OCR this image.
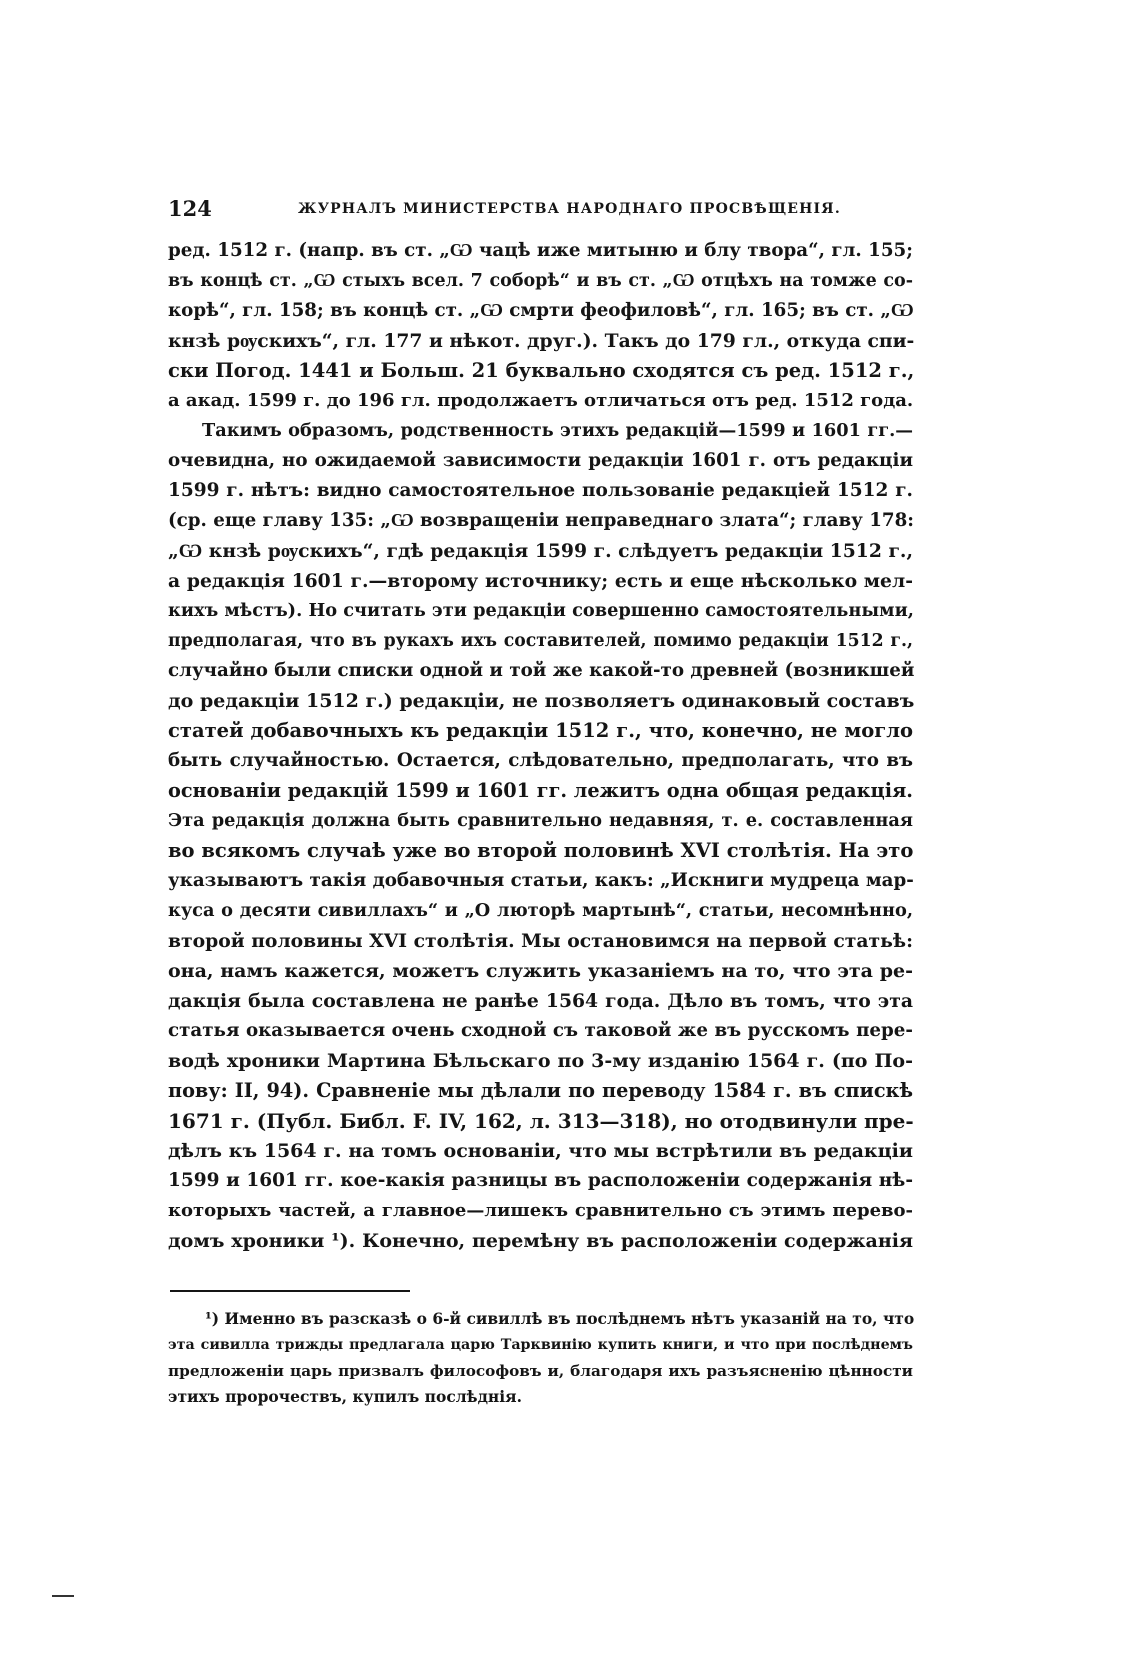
124	ЖУРНАЛЪ МИНИСТЕРСТВА НАРОДНАГО ПРОСВѢЩЕНІЯ.
ред. 1512 г. (напр. въ ст. „Ѡ чацѣ иже митыню и блу твора“, гл. 155;
въ концѣ ст. „Ѡ стыхъ всел. 7 соборѣ“ и въ ст. „Ѡ отцѣхъ на томже со-
корѣ“, гл. 158; въ концѣ ст. „Ѡ смрти феофиловѣ“, гл. 165; въ ст. „Ѡ
кнзѣ рѹскихъ“, гл. 177 и нѣкот. друг.). Такъ до 179 гл., откуда спи-
ски Погод. 1441 и Больш. 21 буквально сходятся съ ред. 1512 г.,
а акад. 1599 г. до 196 гл. продолжаетъ отличаться отъ ред. 1512 года.
Такимъ образомъ, родственность этихъ редакцій—1599 и 1601 гг.—
очевидна, но ожидаемой зависимости редакціи 1601 г. отъ редакціи
1599 г. нѣтъ: видно самостоятельное пользованіе редакціей 1512 г.
(ср. еще главу 135: „Ѡ возвращеніи неправеднаго злата“; главу 178:
„Ѡ кнзѣ рѹскихъ“, гдѣ редакція 1599 г. слѣдуетъ редакціи 1512 г.,
а редакція 1601 г.—второму источнику; есть и еще нѣсколько мел-
кихъ мѣстъ). Но считать эти редакціи совершенно самостоятельными,
предполагая, что въ рукахъ ихъ составителей, помимо редакціи 1512 г.,
случайно были списки одной и той же какой-то древней (возникшей
до редакціи 1512 г.) редакціи, не позволяетъ одинаковый составъ
статей добавочныхъ къ редакціи 1512 г., что, конечно, не могло
быть случайностью. Остается, слѣдовательно, предполагать, что въ
основаніи редакцій 1599 и 1601 гг. лежитъ одна общая редакція.
Эта редакція должна быть сравнительно недавняя, т. е. составленная
во всякомъ случаѣ уже во второй половинѣ XVI столѣтія. На это
указываютъ такія добавочныя статьи, какъ: „Искниги мудреца мар-
куса о десяти сивиллахъ“ и „О люторѣ мартынѣ“, статьи, несомнѣнно,
второй половины XVI столѣтія. Мы остановимся на первой статьѣ:
она, намъ кажется, можетъ служить указаніемъ на то, что эта ре-
дакція была составлена не ранѣе 1564 года. Дѣло въ томъ, что эта
статья оказывается очень сходной съ таковой же въ русскомъ пере-
водѣ хроники Мартина Бѣльскаго по 3-му изданію 1564 г. (по По-
пову: II, 94). Сравненіе мы дѣлали по переводу 1584 г. въ спискѣ
1671 г. (Публ. Библ. F. IV, 162, л. 313—318), но отодвинули пре-
дѣлъ къ 1564 г. на томъ основаніи, что мы встрѣтили въ редакціи
1599 и 1601 гг. кое-какія разницы въ расположеніи содержанія нѣ-
которыхъ частей, а главное—лишекъ сравнительно съ этимъ перево-
домъ хроники ¹). Конечно, перемѣну въ расположеніи содержанія
¹) Именно въ разсказѣ о 6-й сивиллѣ въ послѣднемъ нѣтъ указаній на то, что
эта сивилла трижды предлагала царю Тарквинію купить книги, и что при послѣднемъ
предложеніи царь призвалъ философовъ и, благодаря ихъ разъясненію цѣнности
этихъ пророчествъ, купилъ послѣднія.
